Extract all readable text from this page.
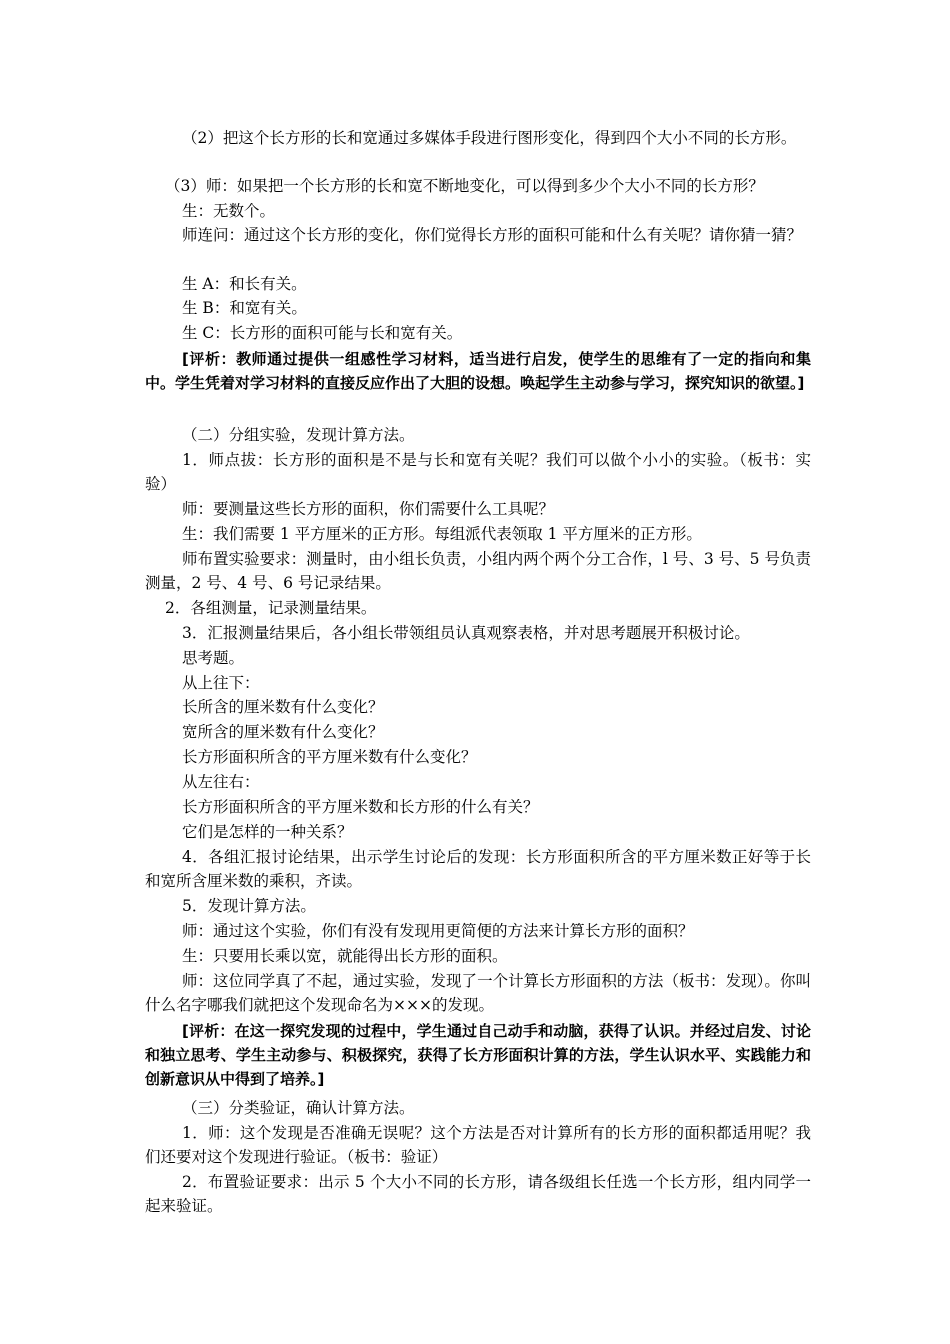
（2）把这个长方形的长和宽通过多媒体手段进行图形变化，得到四个大小不同的长方形。

（3）师：如果把一个长方形的长和宽不断地变化，可以得到多少个大小不同的长方形？

生：无数个。

师连问：通过这个长方形的变化，你们觉得长方形的面积可能和什么有关呢？请你猜一猜？

生 A：和长有关。

生 B：和宽有关。

生 C：长方形的面积可能与长和宽有关。

[评析：教师通过提供一组感性学习材料，适当进行启发，使学生的思维有了一定的指向和集中。学生凭着对学习材料的直接反应作出了大胆的设想。唤起学生主动参与学习，探究知识的欲望。]

（二）分组实验，发现计算方法。

1．师点拔：长方形的面积是不是与长和宽有关呢？我们可以做个小小的实验。（板书：实验）

师：要测量这些长方形的面积，你们需要什么工具呢？

生：我们需要 1 平方厘米的正方形。每组派代表领取 1 平方厘米的正方形。

师布置实验要求：测量时，由小组长负责，小组内两个两个分工合作，l 号、3 号、5 号负责测量，2 号、4 号、6 号记录结果。

2．各组测量，记录测量结果。

3．汇报测量结果后，各小组长带领组员认真观察表格，并对思考题展开积极讨论。

思考题。

从上往下：

长所含的厘米数有什么变化？

宽所含的厘米数有什么变化？

长方形面积所含的平方厘米数有什么变化？

从左往右：

长方形面积所含的平方厘米数和长方形的什么有关？

它们是怎样的一种关系？

4．各组汇报讨论结果，出示学生讨论后的发现：长方形面积所含的平方厘米数正好等于长和宽所含厘米数的乘积，齐读。

5．发现计算方法。

师：通过这个实验，你们有没有发现用更简便的方法来计算长方形的面积？

生：只要用长乘以宽，就能得出长方形的面积。

师：这位同学真了不起，通过实验，发现了一个计算长方形面积的方法（板书：发现）。你叫什么名字哪我们就把这个发现命名为×××的发现。

[评析：在这一探究发现的过程中，学生通过自己动手和动脑，获得了认识。并经过启发、讨论和独立思考、学生主动参与、积极探究，获得了长方形面积计算的方法，学生认识水平、实践能力和创新意识从中得到了培养。]

（三）分类验证，确认计算方法。

1．师：这个发现是否准确无误呢？这个方法是否对计算所有的长方形的面积都适用呢？我们还要对这个发现进行验证。（板书：验证）

2．布置验证要求：出示 5 个大小不同的长方形，请各级组长任选一个长方形，组内同学一起来验证。
